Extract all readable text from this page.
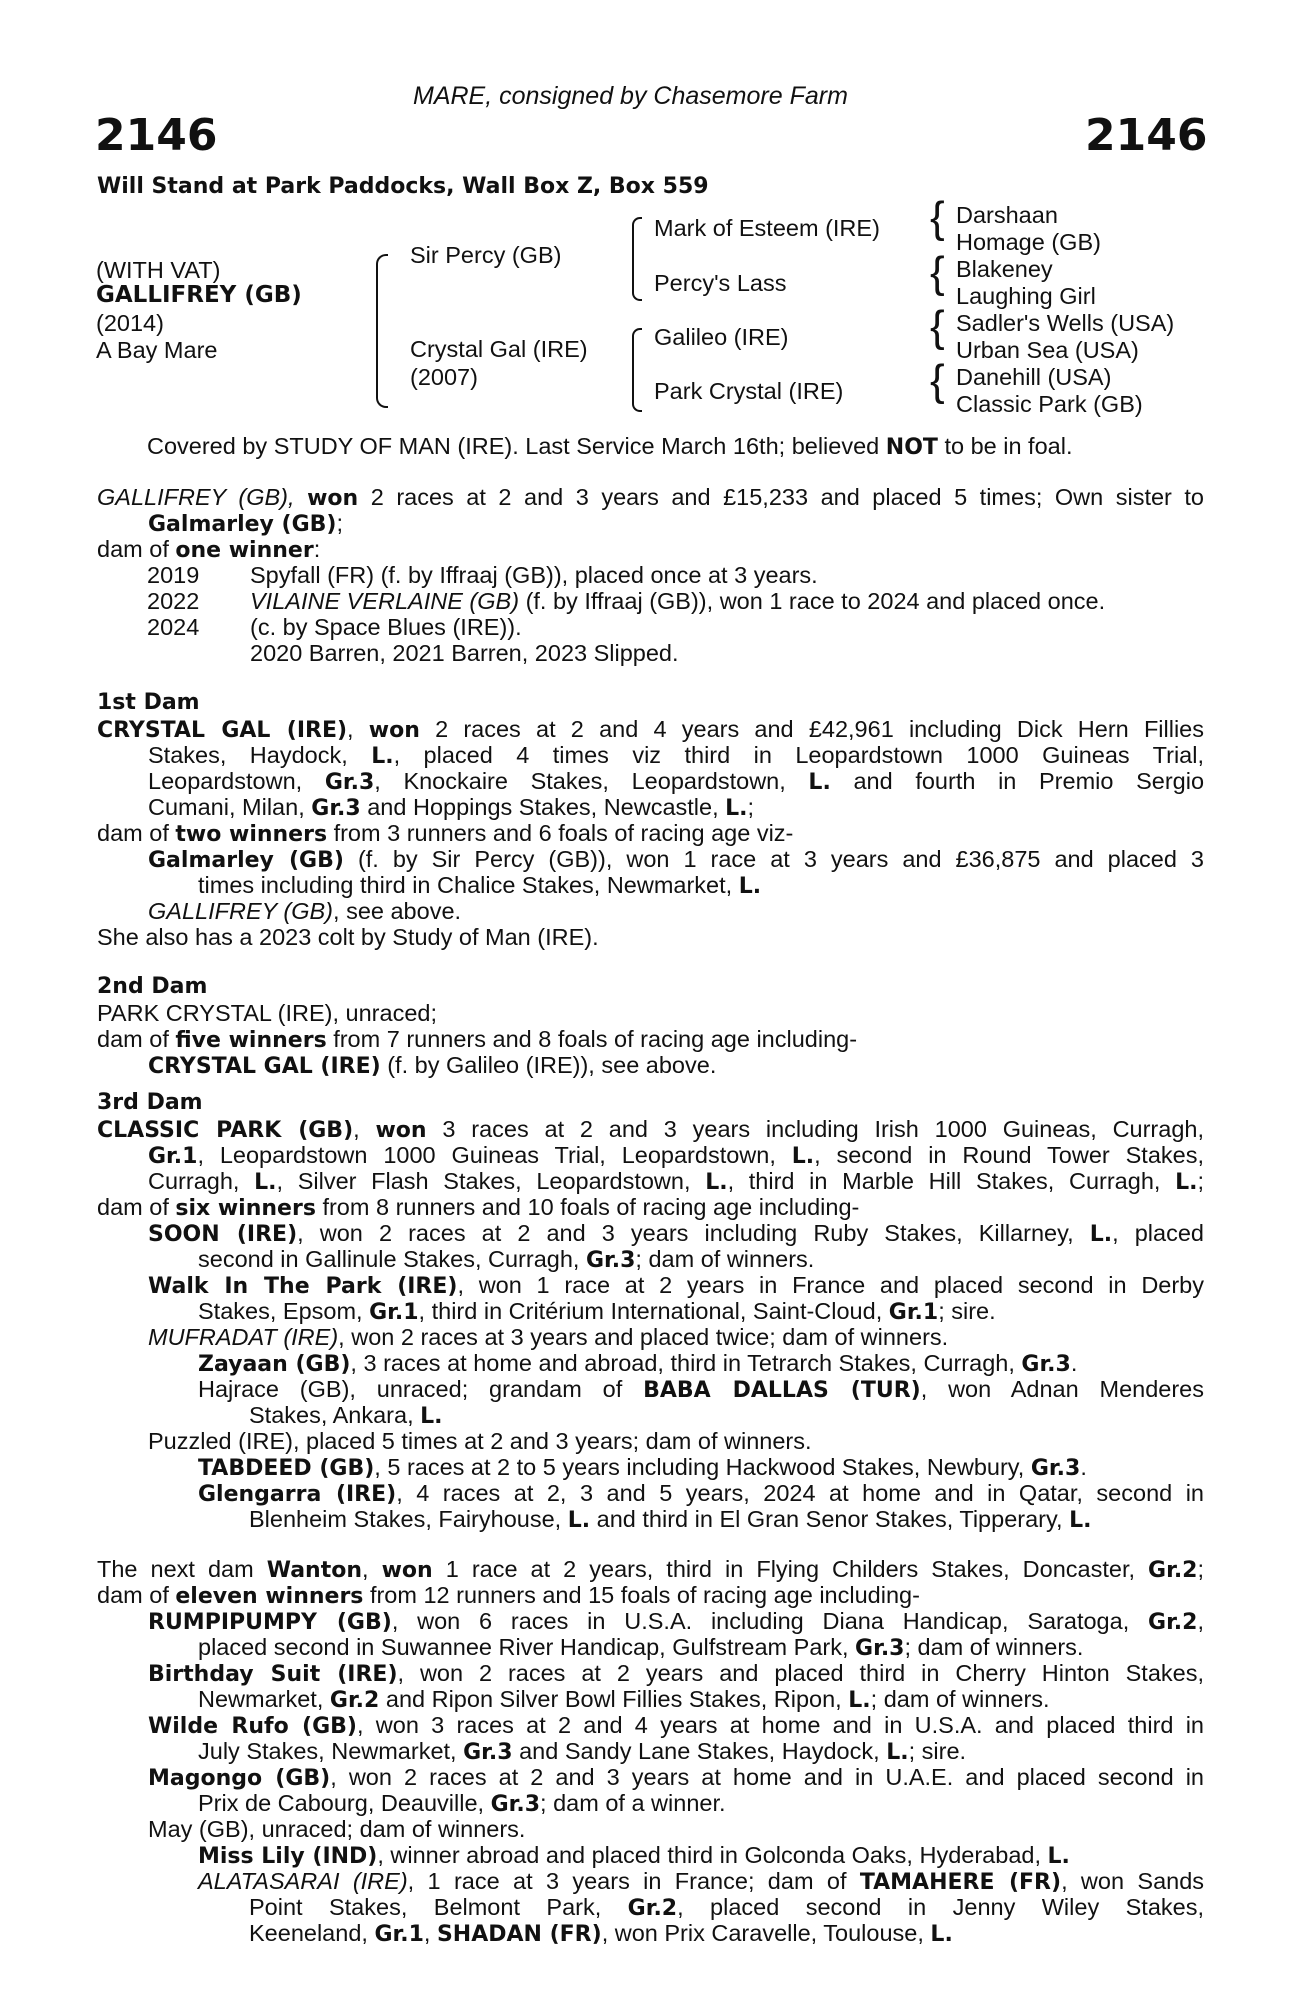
MARE, consigned by Chasemore Farm
2146	2146
Will Stand at Park Paddocks, Wall Box Z, Box 559
(WITH VAT)
GALLIFREY (GB)
(2014)
A Bay Mare
{
{
{
{
Sir Percy (GB)
Crystal Gal (IRE)
(2007)
Mark of Esteem (IRE)
Percy's Lass
Galileo (IRE)
Park Crystal (IRE)
Darshaan
Homage (GB)
Blakeney
Laughing Girl
Sadler's Wells (USA)
Urban Sea (USA)
Danehill (USA)
Classic Park (GB)
Covered by STUDY OF MAN (IRE). Last Service March 16th; believed NOT to be in foal.
GALLIFREY (GB), won 2 races at 2 and 3 years and £15,233 and placed 5 times; Own sister to
Galmarley (GB);
dam of one winner:
2019 Spyfall (FR) (f. by Iffraaj (GB)), placed once at 3 years.
2022 VILAINE VERLAINE (GB) (f. by Iffraaj (GB)), won 1 race to 2024 and placed once.
2024 (c. by Space Blues (IRE)).
2020 Barren, 2021 Barren, 2023 Slipped.
1st Dam
CRYSTAL GAL (IRE), won 2 races at 2 and 4 years and £42,961 including Dick Hern Fillies
Stakes, Haydock, L., placed 4 times viz third in Leopardstown 1000 Guineas Trial,
Leopardstown, Gr.3, Knockaire Stakes, Leopardstown, L. and fourth in Premio Sergio
Cumani, Milan, Gr.3 and Hoppings Stakes, Newcastle, L.;
dam of two winners from 3 runners and 6 foals of racing age viz-
Galmarley (GB) (f. by Sir Percy (GB)), won 1 race at 3 years and £36,875 and placed 3
times including third in Chalice Stakes, Newmarket, L.
GALLIFREY (GB), see above.
She also has a 2023 colt by Study of Man (IRE).
2nd Dam
PARK CRYSTAL (IRE), unraced;
dam of five winners from 7 runners and 8 foals of racing age including-
CRYSTAL GAL (IRE) (f. by Galileo (IRE)), see above.
3rd Dam
CLASSIC PARK (GB), won 3 races at 2 and 3 years including Irish 1000 Guineas, Curragh,
Gr.1, Leopardstown 1000 Guineas Trial, Leopardstown, L., second in Round Tower Stakes,
Curragh, L., Silver Flash Stakes, Leopardstown, L., third in Marble Hill Stakes, Curragh, L.;
dam of six winners from 8 runners and 10 foals of racing age including-
SOON (IRE), won 2 races at 2 and 3 years including Ruby Stakes, Killarney, L., placed
second in Gallinule Stakes, Curragh, Gr.3; dam of winners.
Walk In The Park (IRE), won 1 race at 2 years in France and placed second in Derby
Stakes, Epsom, Gr.1, third in Critérium International, Saint-Cloud, Gr.1; sire.
MUFRADAT (IRE), won 2 races at 3 years and placed twice; dam of winners.
Zayaan (GB), 3 races at home and abroad, third in Tetrarch Stakes, Curragh, Gr.3.
Hajrace (GB), unraced; grandam of BABA DALLAS (TUR), won Adnan Menderes
Stakes, Ankara, L.
Puzzled (IRE), placed 5 times at 2 and 3 years; dam of winners.
TABDEED (GB), 5 races at 2 to 5 years including Hackwood Stakes, Newbury, Gr.3.
Glengarra (IRE), 4 races at 2, 3 and 5 years, 2024 at home and in Qatar, second in
Blenheim Stakes, Fairyhouse, L. and third in El Gran Senor Stakes, Tipperary, L.
The next dam Wanton, won 1 race at 2 years, third in Flying Childers Stakes, Doncaster, Gr.2;
dam of eleven winners from 12 runners and 15 foals of racing age including-
RUMPIPUMPY (GB), won 6 races in U.S.A. including Diana Handicap, Saratoga, Gr.2,
placed second in Suwannee River Handicap, Gulfstream Park, Gr.3; dam of winners.
Birthday Suit (IRE), won 2 races at 2 years and placed third in Cherry Hinton Stakes,
Newmarket, Gr.2 and Ripon Silver Bowl Fillies Stakes, Ripon, L.; dam of winners.
Wilde Rufo (GB), won 3 races at 2 and 4 years at home and in U.S.A. and placed third in
July Stakes, Newmarket, Gr.3 and Sandy Lane Stakes, Haydock, L.; sire.
Magongo (GB), won 2 races at 2 and 3 years at home and in U.A.E. and placed second in
Prix de Cabourg, Deauville, Gr.3; dam of a winner.
May (GB), unraced; dam of winners.
Miss Lily (IND), winner abroad and placed third in Golconda Oaks, Hyderabad, L.
ALATASARAI (IRE), 1 race at 3 years in France; dam of TAMAHERE (FR), won Sands
Point Stakes, Belmont Park, Gr.2, placed second in Jenny Wiley Stakes,
Keeneland, Gr.1, SHADAN (FR), won Prix Caravelle, Toulouse, L.
